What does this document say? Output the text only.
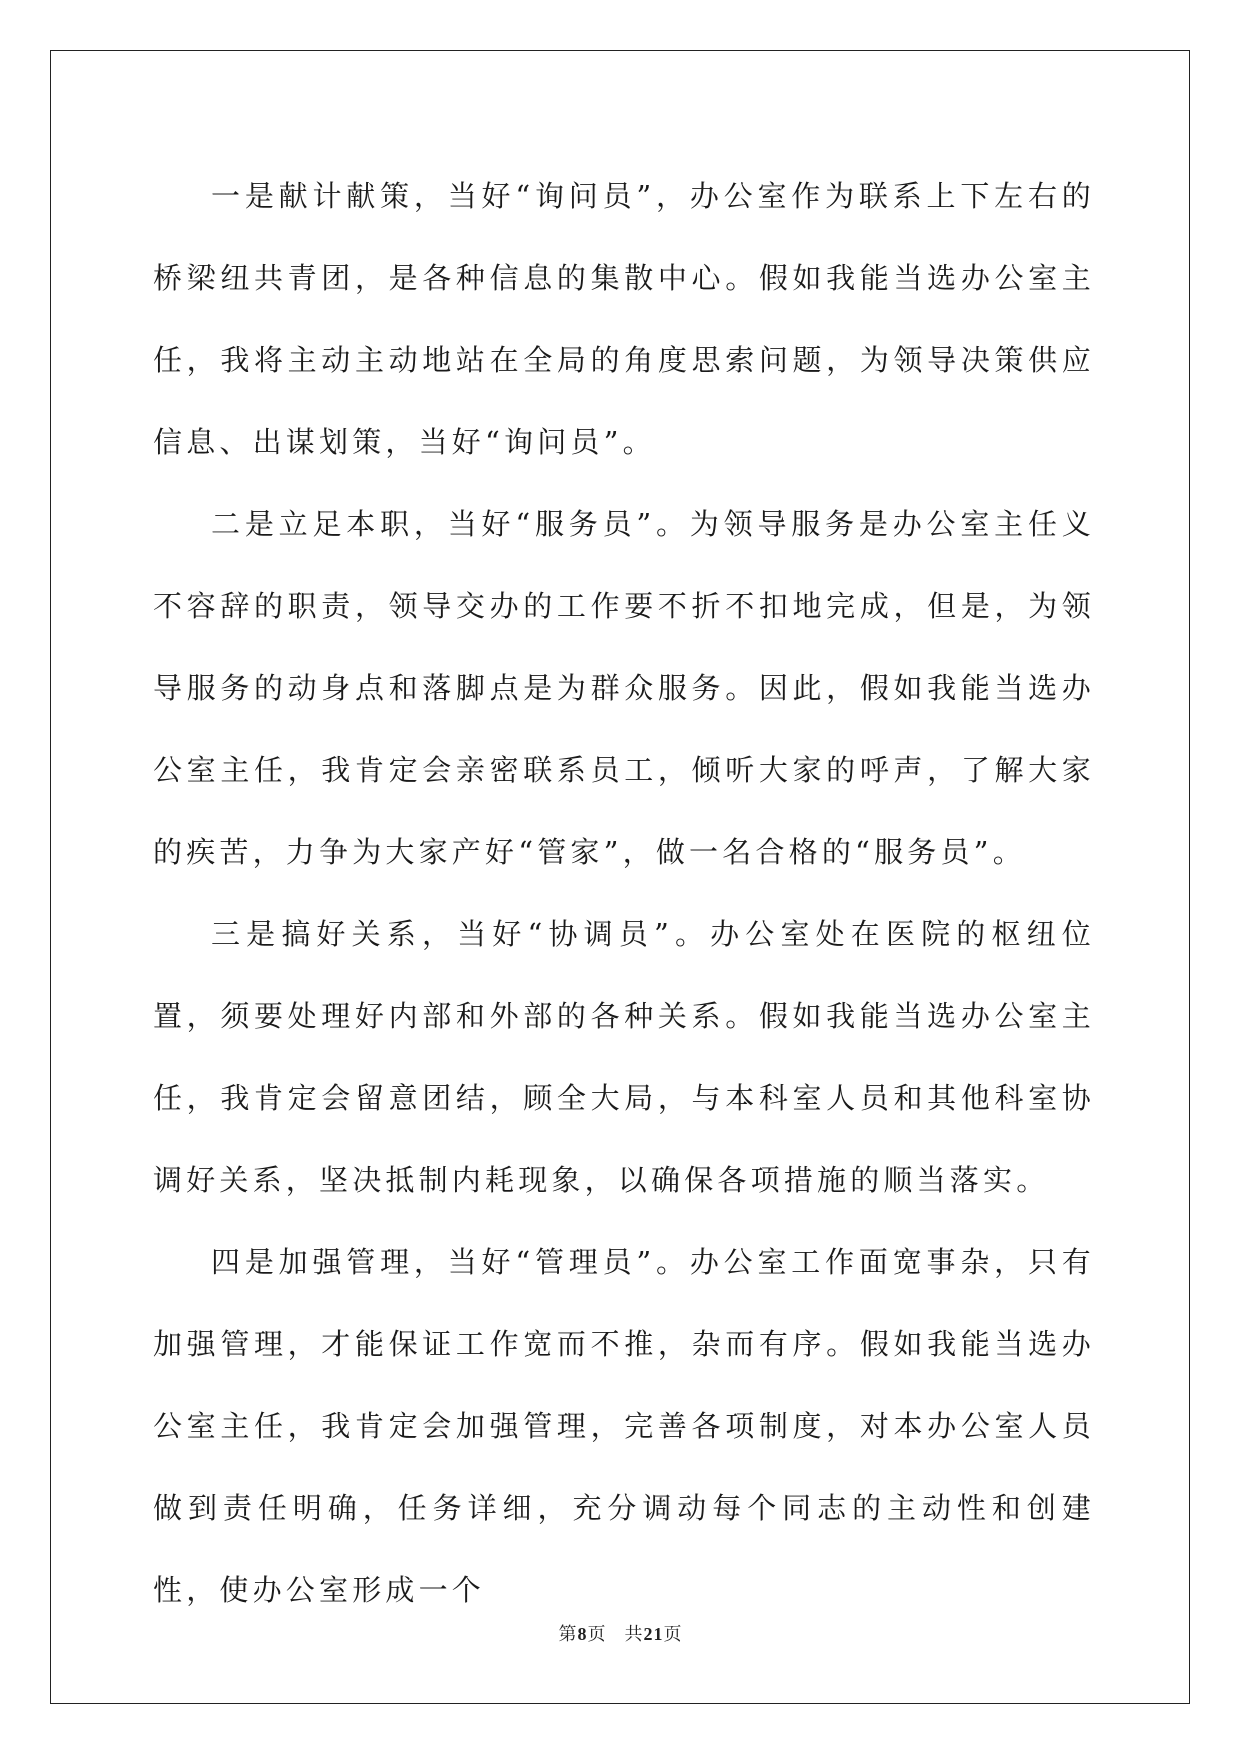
一是献计献策，当好“询问员”，办公室作为联系上下左右的桥梁纽共青团，是各种信息的集散中心。假如我能当选办公室主任，我将主动主动地站在全局的角度思索问题，为领导决策供应信息、出谋划策，当好“询问员”。

二是立足本职，当好“服务员”。为领导服务是办公室主任义不容辞的职责，领导交办的工作要不折不扣地完成，但是，为领导服务的动身点和落脚点是为群众服务。因此，假如我能当选办公室主任，我肯定会亲密联系员工，倾听大家的呼声，了解大家的疾苦，力争为大家产好“管家”，做一名合格的“服务员”。

三是搞好关系，当好“协调员”。办公室处在医院的枢纽位置，须要处理好内部和外部的各种关系。假如我能当选办公室主任，我肯定会留意团结，顾全大局，与本科室人员和其他科室协调好关系，坚决抵制内耗现象，以确保各项措施的顺当落实。

四是加强管理，当好“管理员”。办公室工作面宽事杂，只有加强管理，才能保证工作宽而不推，杂而有序。假如我能当选办公室主任，我肯定会加强管理，完善各项制度，对本办公室人员做到责任明确，任务详细，充分调动每个同志的主动性和创建性，使办公室形成一个

第8页 共21页
